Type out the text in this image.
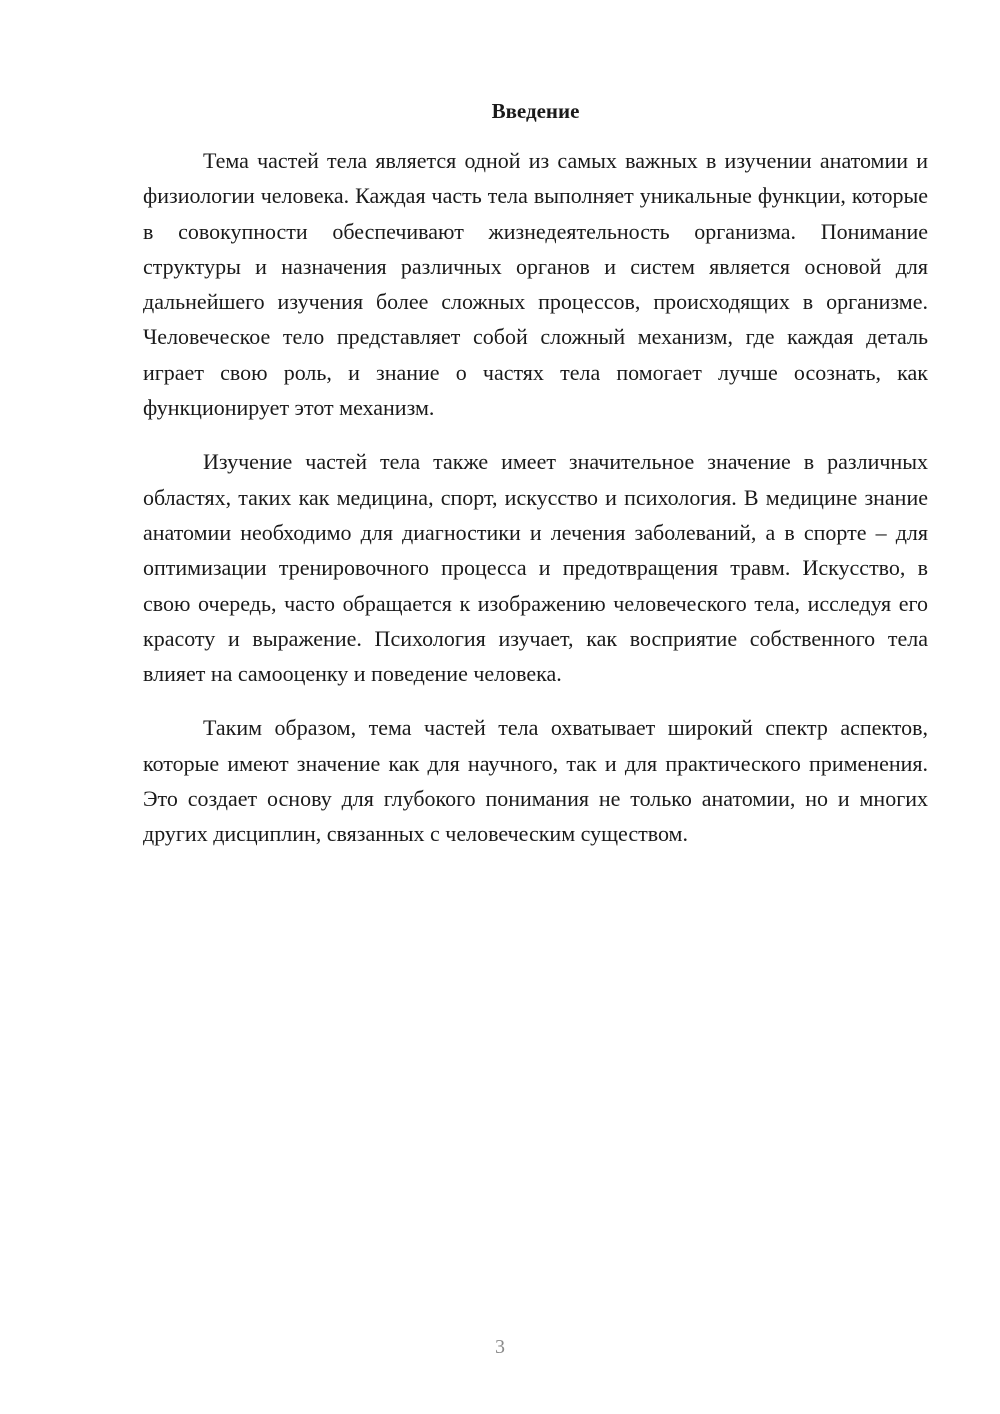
Введение

Тема частей тела является одной из самых важных в изучении анатомии и физиологии человека. Каждая часть тела выполняет уникальные функции, которые в совокупности обеспечивают жизнедеятельность организма. Понимание структуры и назначения различных органов и систем является основой для дальнейшего изучения более сложных процессов, происходящих в организме. Человеческое тело представляет собой сложный механизм, где каждая деталь играет свою роль, и знание о частях тела помогает лучше осознать, как функционирует этот механизм.

Изучение частей тела также имеет значительное значение в различных областях, таких как медицина, спорт, искусство и психология. В медицине знание анатомии необходимо для диагностики и лечения заболеваний, а в спорте – для оптимизации тренировочного процесса и предотвращения травм. Искусство, в свою очередь, часто обращается к изображению человеческого тела, исследуя его красоту и выражение. Психология изучает, как восприятие собственного тела влияет на самооценку и поведение человека.

Таким образом, тема частей тела охватывает широкий спектр аспектов, которые имеют значение как для научного, так и для практического применения. Это создает основу для глубокого понимания не только анатомии, но и многих других дисциплин, связанных с человеческим существом.

3
